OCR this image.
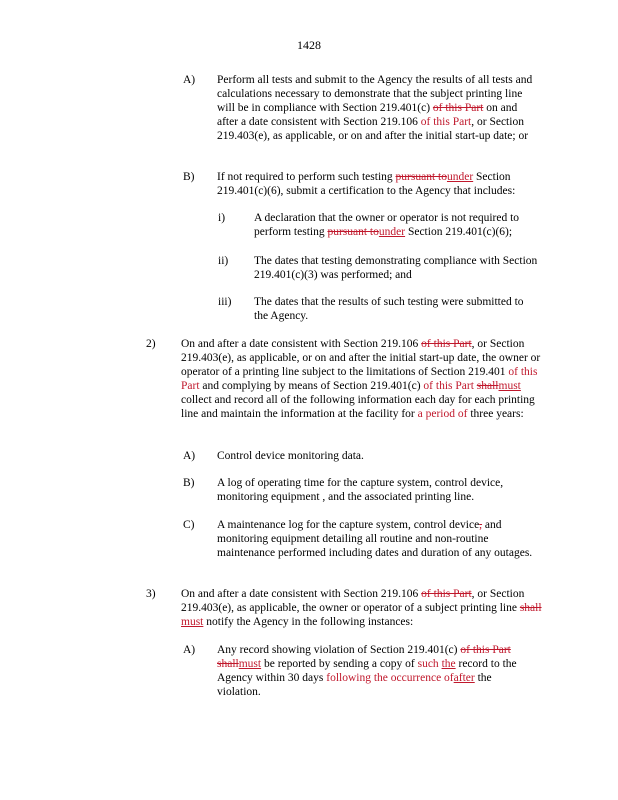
1428
A) Perform all tests and submit to the Agency the results of all tests and calculations necessary to demonstrate that the subject printing line will be in compliance with Section 219.401(c) of this Part on and after a date consistent with Section 219.106 of this Part, or Section 219.403(e), as applicable, or on and after the initial start-up date; or
B) If not required to perform such testing pursuant tounder Section 219.401(c)(6), submit a certification to the Agency that includes:
i)	A declaration that the owner or operator is not required to perform testing pursuant tounder Section 219.401(c)(6);
ii) The dates that testing demonstrating compliance with Section 219.401(c)(3) was performed; and
iii) The dates that the results of such testing were submitted to the Agency.
2) On and after a date consistent with Section 219.106 of this Part, or Section 219.403(e), as applicable, or on and after the initial start-up date, the owner or operator of a printing line subject to the limitations of Section 219.401 of this Part and complying by means of Section 219.401(c) of this Part shallmust collect and record all of the following information each day for each printing line and maintain the information at the facility for a period of three years:
A) Control device monitoring data.
B) A log of operating time for the capture system, control device, monitoring equipment , and the associated printing line.
C) A maintenance log for the capture system, control device, and monitoring equipment detailing all routine and non-routine maintenance performed including dates and duration of any outages.
3) On and after a date consistent with Section 219.106 of this Part, or Section 219.403(e), as applicable, the owner or operator of a subject printing line shall must notify the Agency in the following instances:
A) Any record showing violation of Section 219.401(c) of this Part shallmust be reported by sending a copy of such the record to the Agency within 30 days following the occurrence ofafter the violation.
